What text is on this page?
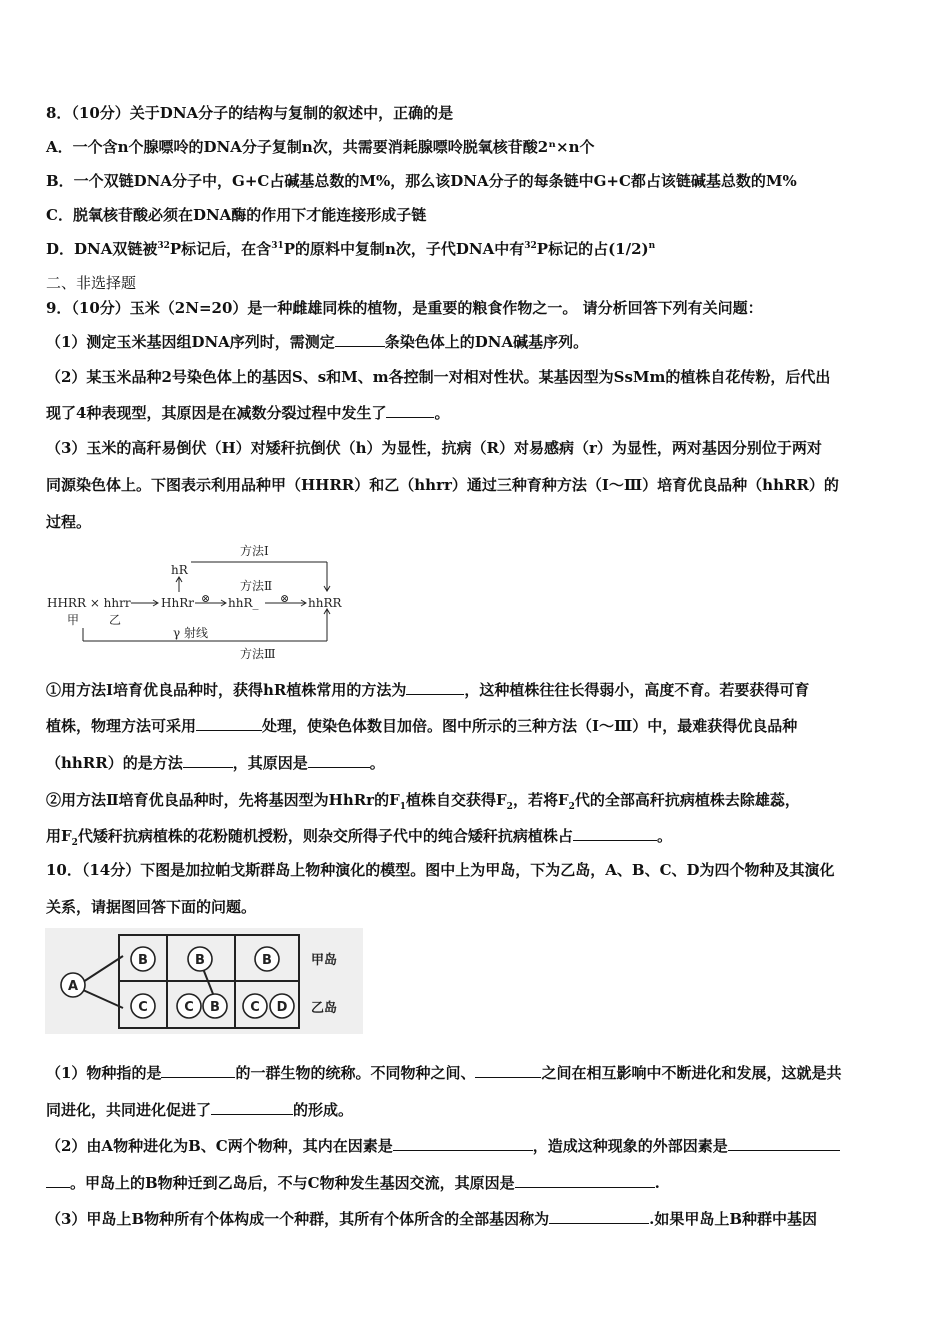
8．（10分）关于DNA分子的结构与复制的叙述中，正确的是
A．一个含n个腺嘌呤的DNA分子复制n次，共需要消耗腺嘌呤脱氧核苷酸2ⁿ×n个
B．一个双链DNA分子中，G+C占碱基总数的M%，那么该DNA分子的每条链中G+C都占该链碱基总数的M%
C．脱氧核苷酸必须在DNA酶的作用下才能连接形成子链
D．DNA双链被$^{32}$P标记后，在含$^{31}$P的原料中复制n次，子代DNA中有$^{32}$P标记的占$(1/2)^n$
二、非选择题
9．（10分）玉米（2N=20）是一种雌雄同株的植物，是重要的粮食作物之一。 请分析回答下列有关问题：
（1）测定玉米基因组DNA序列时，需测定	条染色体上的DNA碱基序列。
（2）某玉米品种2号染色体上的基因S、s和M、m各控制一对相对性状。某基因型为SsMm的植株自花传粉，后代出
现了4种表现型，其原因是在减数分裂过程中发生了	。
（3）玉米的高秆易倒伏（H）对矮秆抗倒伏（h）为显性，抗病（R）对易感病（r）为显性，两对基因分别位于两对
同源染色体上。下图表示利用品种甲（HHRR）和乙（hhrr）通过三种育种方法（Ⅰ～Ⅲ）培育优良品种（hhRR）的
过程。
方法Ⅰ
方法Ⅱ
方法Ⅲ
HHRR × hhrr
甲 乙
HhRr
hR
hhR_	hhRR
γ 射线
⊗	⊗
①用方法Ⅰ培育优良品种时，获得hR植株常用的方法为	，这种植株往往长得弱小，高度不育。若要获得可育
植株，物理方法可采用	处理，使染色体数目加倍。图中所示的三种方法（Ⅰ～Ⅲ）中，最难获得优良品种
（hhRR）的是方法	，其原因是	。
②用方法Ⅱ培育优良品种时，先将基因型为HhRr的$F_1$植株自交获得$F_2$，若将$F_2$代的全部高秆抗病植株去除雄蕊，
用$F_2$代矮秆抗病植株的花粉随机授粉，则杂交所得子代中的纯合矮秆抗病植株占	。
10．（14分）下图是加拉帕戈斯群岛上物种演化的模型。图中上为甲岛，下为乙岛，A、B、C、D为四个物种及其演化
关系，请据图回答下面的问题。
A
B	B	B
C	C B C D
甲岛
乙岛
（1）物种指的是	的一群生物的统称。不同物种之间、	之间在相互影响中不断进化和发展，这就是共
同进化，共同进化促进了	的形成。
（2）由A物种进化为B、C两个物种，其内在因素是	，造成这种现象的外部因素是
。甲岛上的B物种迁到乙岛后，不与C物种发生基因交流，其原因是	.
（3）甲岛上B物种所有个体构成一个种群，其所有个体所含的全部基因称为	.如果甲岛上B种群中基因
